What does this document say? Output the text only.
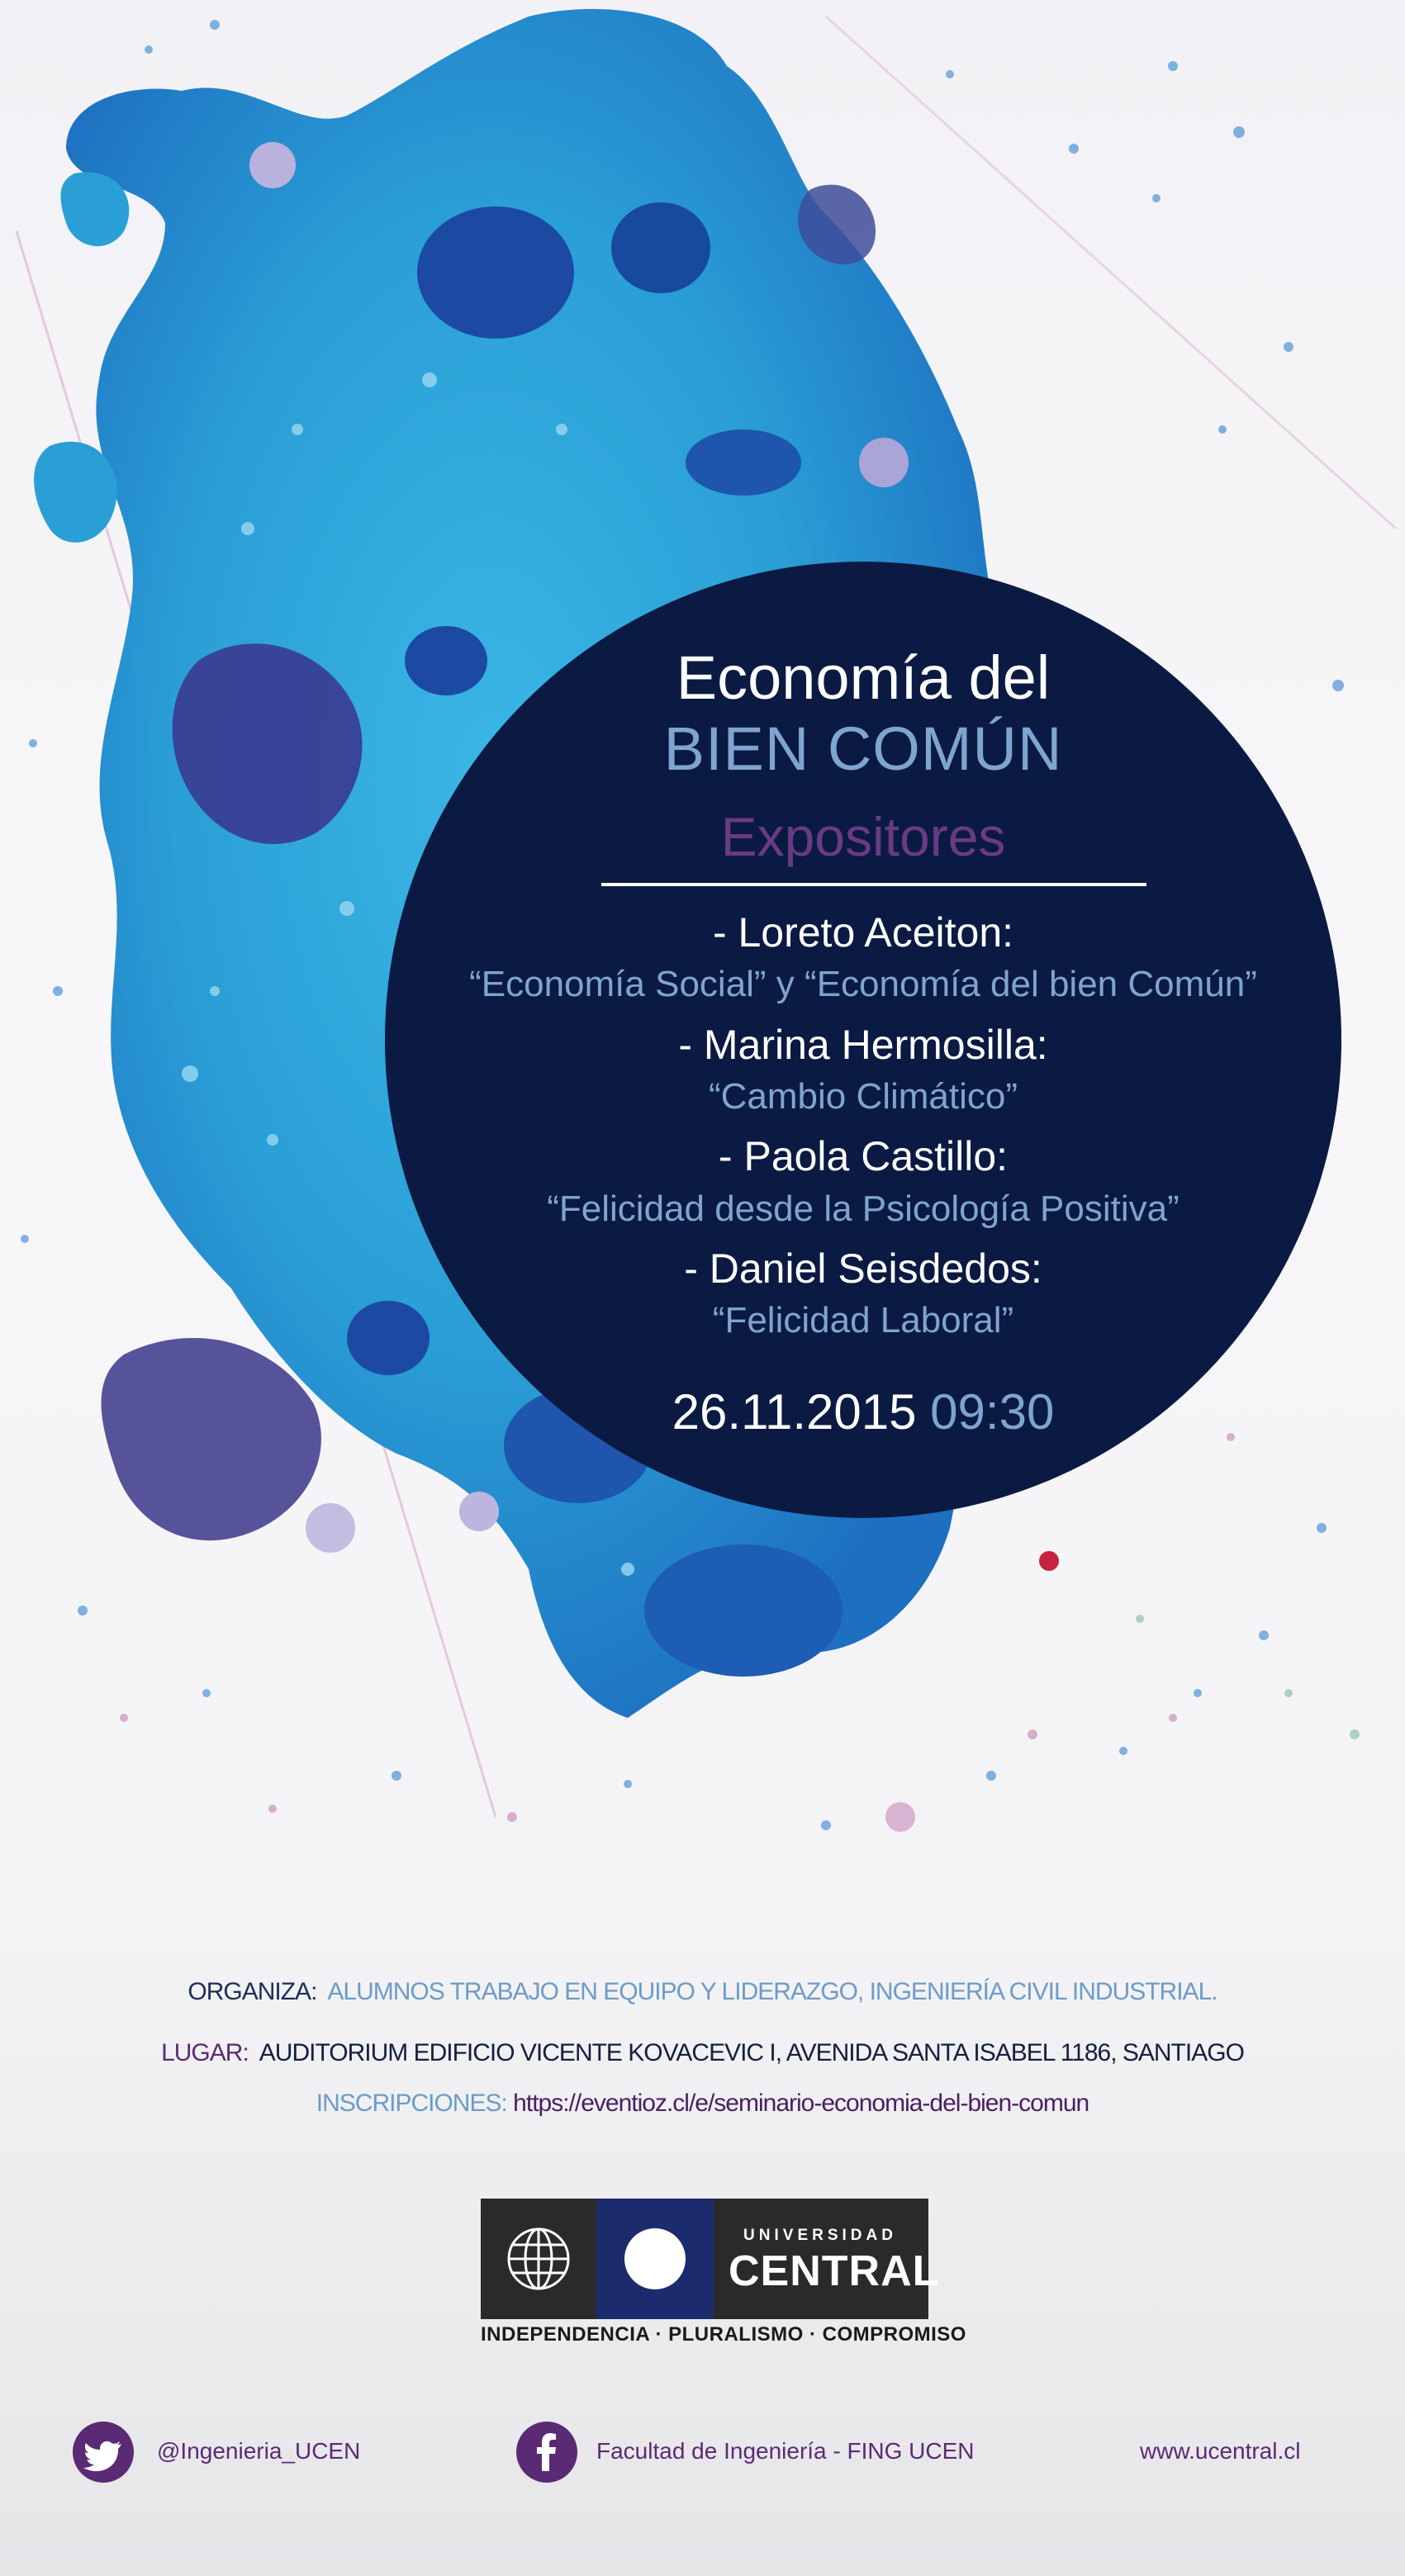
Economía del
BIEN COMÚN
Expositores
- Loreto Aceiton:
“Economía Social” y “Economía del bien Común”
- Marina Hermosilla:
“Cambio Climático”
- Paola Castillo:
“Felicidad desde la Psicología Positiva”
- Daniel Seisdedos:
“Felicidad Laboral”
26.11.2015 09:30
ORGANIZA: ALUMNOS TRABAJO EN EQUIPO Y LIDERAZGO, INGENIERÍA CIVIL INDUSTRIAL.
LUGAR: AUDITORIUM EDIFICIO VICENTE KOVACEVIC I, AVENIDA SANTA ISABEL 1186, SANTIAGO
INSCRIPCIONES: https://eventioz.cl/e/seminario-economia-del-bien-comun
UNIVERSIDAD
CENTRAL
INDEPENDENCIA · PLURALISMO · COMPROMISO
@Ingenieria_UCEN	Facultad de Ingeniería - FING UCEN	www.ucentral.cl
